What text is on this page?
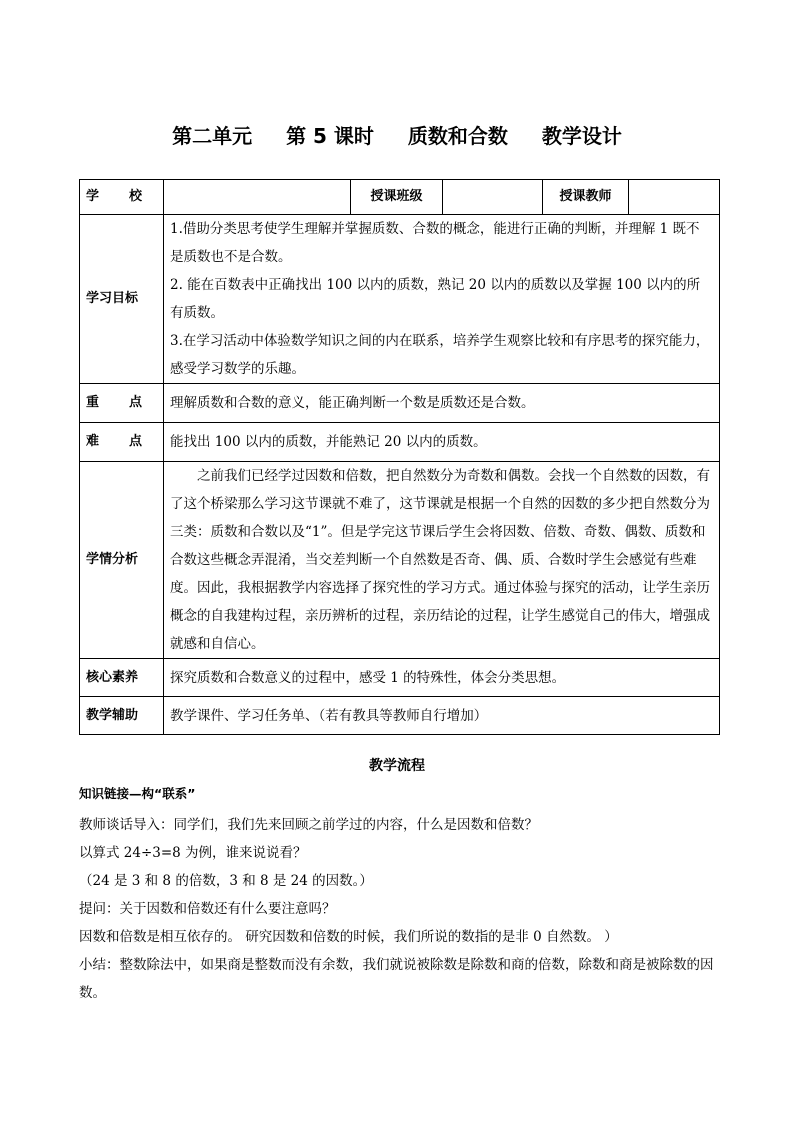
第二单元 第 5 课时 质数和合数 教学设计
学 校		授课班级		授课教师	
学习目标	1.借助分类思考使学生理解并掌握质数、合数的概念，能进行正确的判断，并理解 1 既不是质数也不是合数。
2. 能在百数表中正确找出 100 以内的质数，熟记 20 以内的质数以及掌握 100 以内的所有质数。
3.在学习活动中体验数学知识之间的内在联系，培养学生观察比较和有序思考的探究能力，感受学习数学的乐趣。				

重 点	理解质数和合数的意义，能正确判断一个数是质数还是合数。				

难 点	能找出 100 以内的质数，并能熟记 20 以内的质数。				
学情分析	之前我们已经学过因数和倍数，把自然数分为奇数和偶数。会找一个自然数的因数，有了这个桥梁那么学习这节课就不难了，这节课就是根据一个自然的因数的多少把自然数分为三类：质数和合数以及“1”。但是学完这节课后学生会将因数、倍数、奇数、偶数、质数和合数这些概念弄混淆，当交差判断一个自然数是否奇、偶、质、合数时学生会感觉有些难度。因此，我根据教学内容选择了探究性的学习方式。通过体验与探究的活动，让学生亲历概念的自我建构过程，亲历辨析的过程，亲历结论的过程，让学生感觉自己的伟大，增强成就感和自信心。				
核心素养	探究质数和合数意义的过程中，感受 1 的特殊性，体会分类思想。				
教学辅助	教学课件、学习任务单、（若有教具等教师自行增加）				
教学流程

知识链接—构“联系”

教师谈话导入：同学们，我们先来回顾之前学过的内容，什么是因数和倍数？

以算式 24÷3=8 为例，谁来说说看？

（24 是 3 和 8 的倍数，3 和 8 是 24 的因数。）

提问：关于因数和倍数还有什么要注意吗？

因数和倍数是相互依存的。 研究因数和倍数的时候，我们所说的数指的是非 0 自然数。 ）

小结：整数除法中，如果商是整数而没有余数，我们就说被除数是除数和商的倍数，除数和商是被除数的因数。
